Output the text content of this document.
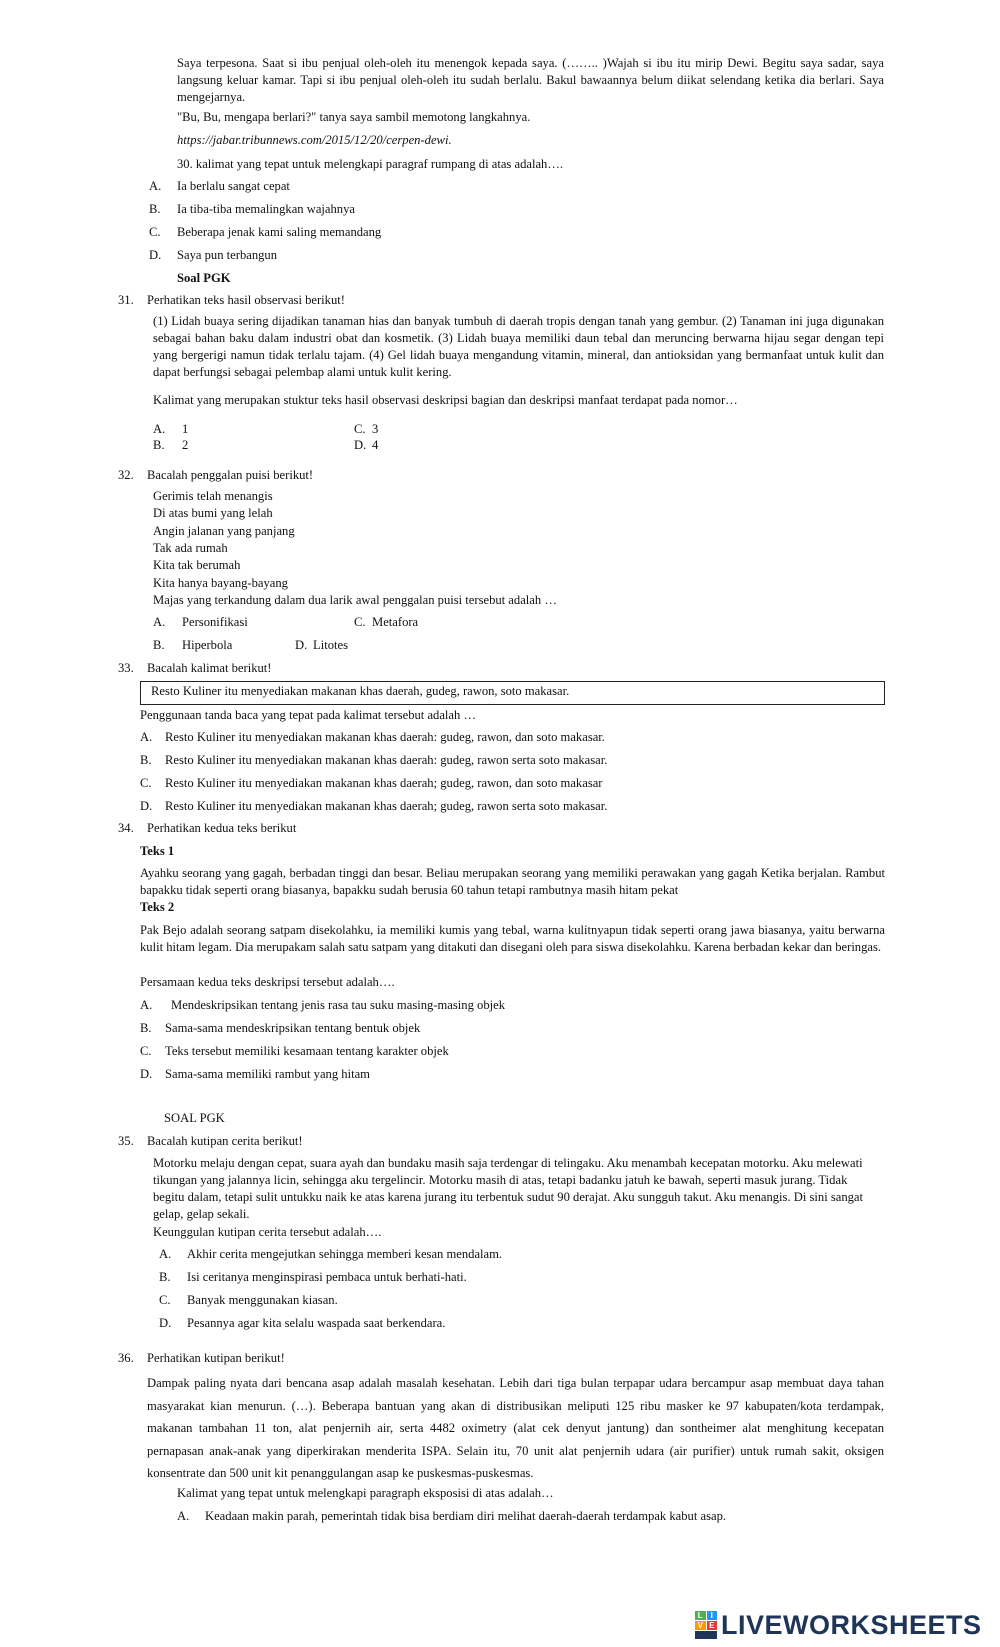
Saya terpesona. Saat si ibu penjual oleh-oleh itu menengok kepada saya. (…….. )Wajah si ibu itu mirip Dewi. Begitu saya sadar, saya langsung keluar kamar. Tapi si ibu penjual oleh-oleh itu sudah berlalu. Bakul bawaannya belum diikat selendang ketika dia berlari. Saya mengejarnya.
"Bu, Bu, mengapa berlari?" tanya saya sambil memotong langkahnya.
https://jabar.tribunnews.com/2015/12/20/cerpen-dewi.
30. kalimat yang tepat untuk melengkapi paragraf rumpang di atas adalah….
A. Ia berlalu sangat cepat
B. Ia tiba-tiba memalingkan wajahnya
C. Beberapa jenak kami saling memandang
D. Saya pun terbangun
Soal PGK
31. Perhatikan teks hasil observasi berikut!
(1) Lidah buaya sering dijadikan tanaman hias dan banyak tumbuh di daerah tropis dengan tanah yang gembur. (2) Tanaman ini juga digunakan sebagai bahan baku dalam industri obat dan kosmetik. (3) Lidah buaya memiliki daun tebal dan meruncing berwarna hijau segar dengan tepi yang bergerigi namun tidak terlalu tajam. (4) Gel lidah buaya mengandung vitamin, mineral, dan antioksidan yang bermanfaat untuk kulit dan dapat berfungsi sebagai pelembap alami untuk kulit kering.
Kalimat yang merupakan stuktur teks hasil observasi deskripsi bagian dan deskripsi manfaat terdapat pada nomor…
A. 1
B. 2
C. 3
D. 4
32. Bacalah penggalan puisi berikut!
Gerimis telah menangis
Di atas bumi yang lelah
Angin jalanan yang panjang
Tak ada rumah
Kita tak berumah
Kita hanya bayang-bayang
Majas yang terkandung dalam dua larik awal penggalan puisi tersebut adalah …
A. Personifikasi	C. Metafora
B. Hiperbola	D. Litotes
33. Bacalah kalimat berikut!
Resto Kuliner itu menyediakan makanan khas daerah, gudeg, rawon, soto makasar.
Penggunaan tanda baca yang tepat pada kalimat tersebut adalah …
A. Resto Kuliner itu menyediakan makanan khas daerah: gudeg, rawon, dan soto makasar.
B. Resto Kuliner itu menyediakan makanan khas daerah: gudeg, rawon serta soto makasar.
C. Resto Kuliner itu menyediakan makanan khas daerah; gudeg, rawon, dan soto makasar
D. Resto Kuliner itu menyediakan makanan khas daerah; gudeg, rawon serta soto makasar.
34. Perhatikan kedua teks berikut
Teks 1
Ayahku seorang yang gagah, berbadan tinggi dan besar. Beliau merupakan seorang yang memiliki perawakan yang gagah Ketika berjalan. Rambut bapakku tidak seperti orang biasanya, bapakku sudah berusia 60 tahun tetapi rambutnya masih hitam pekat
Teks 2
Pak Bejo adalah seorang satpam disekolahku, ia memiliki kumis yang tebal, warna kulitnyapun tidak seperti orang jawa biasanya, yaitu berwarna kulit hitam legam. Dia merupakam salah satu satpam yang ditakuti dan disegani oleh para siswa disekolahku. Karena berbadan kekar dan beringas.
Persamaan kedua teks deskripsi tersebut adalah….
A. Mendeskripsikan tentang jenis rasa tau suku masing-masing objek
B. Sama-sama mendeskripsikan tentang bentuk objek
C. Teks tersebut memiliki kesamaan tentang karakter objek
D. Sama-sama memiliki rambut yang hitam
SOAL PGK
35. Bacalah kutipan cerita berikut!
Motorku melaju dengan cepat, suara ayah dan bundaku masih saja terdengar di telingaku. Aku menambah kecepatan motorku. Aku melewati tikungan yang jalannya licin, sehingga aku tergelincir. Motorku masih di atas, tetapi badanku jatuh ke bawah, seperti masuk jurang. Tidak begitu dalam, tetapi sulit untukku naik ke atas karena jurang itu terbentuk sudut 90 derajat. Aku sungguh takut. Aku menangis. Di sini sangat gelap, gelap sekali.
Keunggulan kutipan cerita tersebut adalah….
A. Akhir cerita mengejutkan sehingga memberi kesan mendalam.
B. Isi ceritanya menginspirasi pembaca untuk berhati-hati.
C. Banyak menggunakan kiasan.
D. Pesannya agar kita selalu waspada saat berkendara.
36. Perhatikan kutipan berikut!
Dampak paling nyata dari bencana asap adalah masalah kesehatan. Lebih dari tiga bulan terpapar udara bercampur asap membuat daya tahan masyarakat kian menurun. (…). Beberapa bantuan yang akan di distribusikan meliputi 125 ribu masker ke 97 kabupaten/kota terdampak, makanan tambahan 11 ton, alat penjernih air, serta 4482 oximetry (alat cek denyut jantung) dan sontheimer alat menghitung kecepatan pernapasan anak-anak yang diperkirakan menderita ISPA. Selain itu, 70 unit alat penjernih udara (air purifier) untuk rumah sakit, oksigen konsentrate dan 500 unit kit penanggulangan asap ke puskesmas-puskesmas.
Kalimat yang tepat untuk melengkapi paragraph eksposisi di atas adalah…
A. Keadaan makin parah, pemerintah tidak bisa berdiam diri melihat daerah-daerah terdampak kabut asap.
L I
V E LIVEWORKSHEETS
